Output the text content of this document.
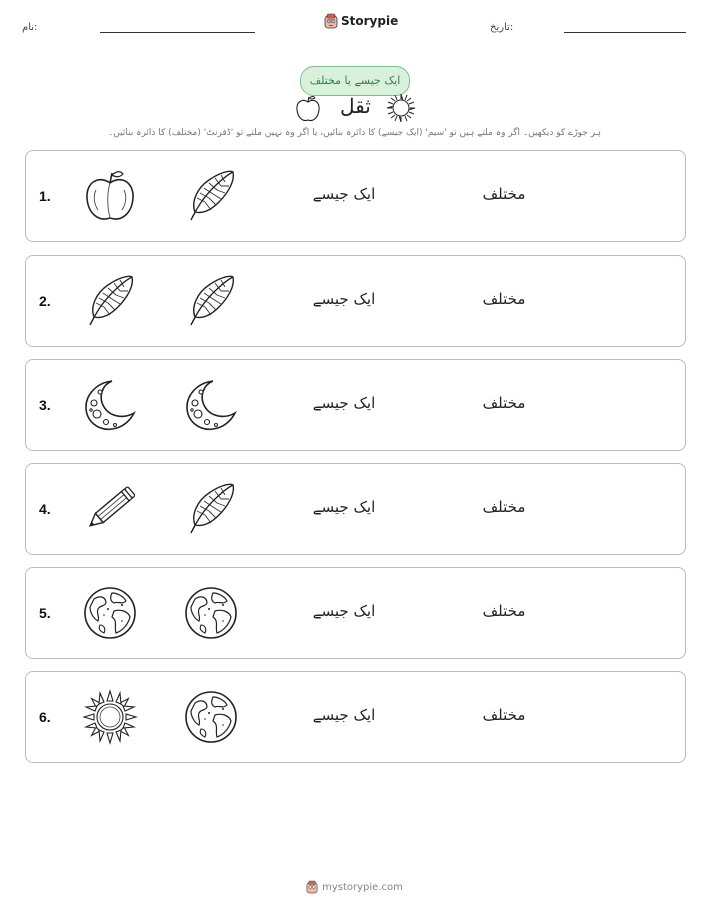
نام:	Storypie	تاریخ:
ایک جیسے یا مختلف
ثقل
ہر جوڑے کو دیکھیں۔ اگر وہ ملتے ہیں تو 'سیم' (ایک جیسے) کا دائرہ بنائیں، یا اگر وہ نہیں ملتے تو 'ڈفرنٹ' (مختلف) کا دائرہ بنائیں۔
1.	ایک جیسے	مختلف
2.	ایک جیسے	مختلف
3.	ایک جیسے	مختلف
4.	ایک جیسے	مختلف
5.	ایک جیسے	مختلف
6.	ایک جیسے	مختلف
mystorypie.com
